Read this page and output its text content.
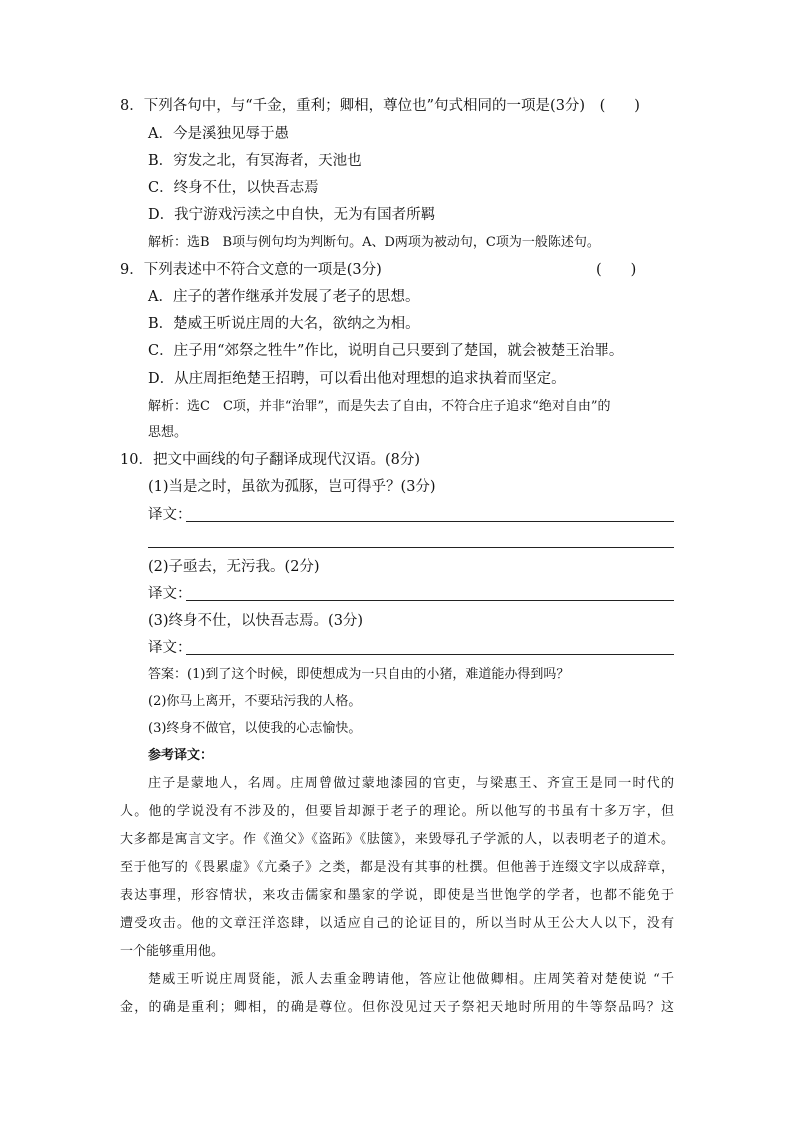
8．下列各句中，与“千金，重利；卿相，尊位也”句式相同的一项是(3分)　(　　)
A．今是溪独见辱于愚
B．穷发之北，有冥海者，天池也
C．终身不仕，以快吾志焉
D．我宁游戏污渎之中自快，无为有国者所羁
解析：选B　B项与例句均为判断句。A、D两项为被动句，C项为一般陈述句。
9．下列表述中不符合文意的一项是(3分)	(　　)
A．庄子的著作继承并发展了老子的思想。
B．楚威王听说庄周的大名，欲纳之为相。
C．庄子用“郊祭之牲牛”作比，说明自己只要到了楚国，就会被楚王治罪。
D．从庄周拒绝楚王招聘，可以看出他对理想的追求执着而坚定。
解析：选C　C项，并非“治罪”，而是失去了自由，不符合庄子追求“绝对自由”的
思想。
10．把文中画线的句子翻译成现代汉语。(8分)
(1)当是之时，虽欲为孤豚，岂可得乎？(3分)
译文：
(2)子亟去，无污我。(2分)
译文：
(3)终身不仕，以快吾志焉。(3分)
译文：
答案：(1)到了这个时候，即使想成为一只自由的小猪，难道能办得到吗？
(2)你马上离开，不要玷污我的人格。
(3)终身不做官，以使我的心志愉快。
参考译文：
庄子是蒙地人，名周。庄周曾做过蒙地漆园的官吏，与梁惠王、齐宣王是同一时代的
人。他的学说没有不涉及的，但要旨却源于老子的理论。所以他写的书虽有十多万字，但
大多都是寓言文字。作《渔父》《盗跖》《胠箧》，来毁辱孔子学派的人，以表明老子的道术。
至于他写的《畏累虚》《亢桑子》之类，都是没有其事的杜撰。但他善于连缀文字以成辞章，
表达事理，形容情状，来攻击儒家和墨家的学说，即使是当世饱学的学者，也都不能免于
遭受攻击。他的文章汪洋恣肆，以适应自己的论证目的，所以当时从王公大人以下，没有
一个能够重用他。
楚威王听说庄周贤能，派人去重金聘请他，答应让他做卿相。庄周笑着对楚使说 “千
金，的确是重利；卿相，的确是尊位。但你没见过天子祭祀天地时所用的牛等祭品吗？这
